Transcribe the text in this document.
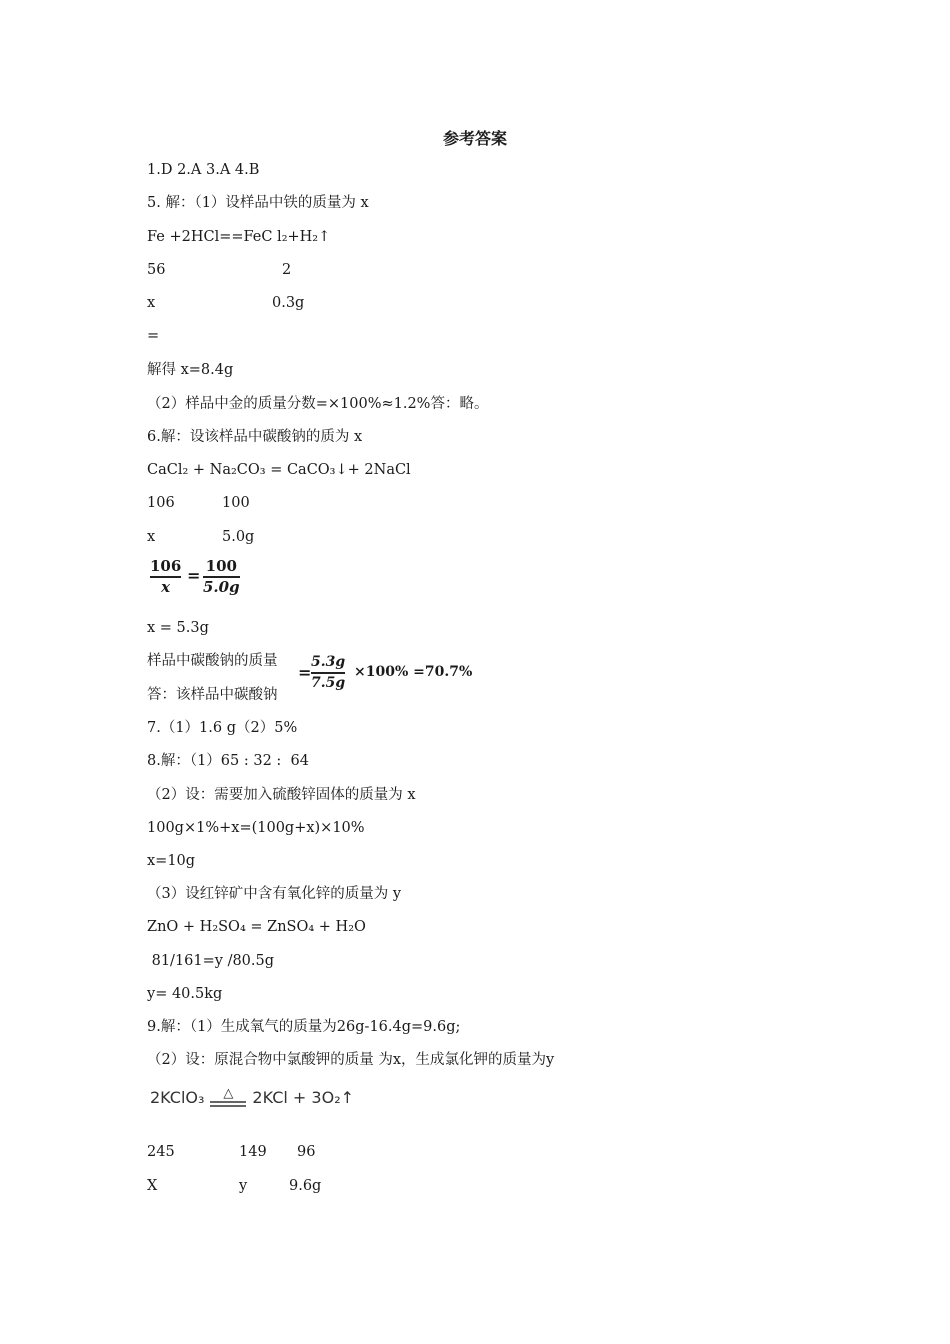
参考答案
1.D 2.A 3.A 4.B
5. 解：（1）设样品中铁的质量为 x
Fe +2HCl==FeC l₂+H₂↑
56	2
x	0.3g
=
解得 x=8.4g
（2）样品中金的质量分数=×100%≈1.2%答：略。
6.解：设该样品中碳酸钠的质为 x
CaCl₂ + Na₂CO₃ = CaCO₃↓+ 2NaCl
106	100
x	5.0g
106
x
= 100
5.0g
x = 5.3g
样品中碳酸钠的质量
=
5.3g
7.5g
×100% =70.7%
答：该样品中碳酸钠
7.（1）1.6 g（2）5%
8.解：（1）65 : 32 :  64
（2）设：需要加入硫酸锌固体的质量为 x
100g×1%+x=(100g+x)×10%
x=10g
（3）设红锌矿中含有氧化锌的质量为 y
ZnO + H₂SO₄ = ZnSO₄ + H₂O
81/161=y /80.5g
y= 40.5kg
9.解：（1）生成氧气的质量为26g-16.4g=9.6g;
（2）设：原混合物中氯酸钾的质量 为x，生成氯化钾的质量为y
2KClO₃ △ 2KCl + 3O₂↑
245	149 96
X	y	9.6g
